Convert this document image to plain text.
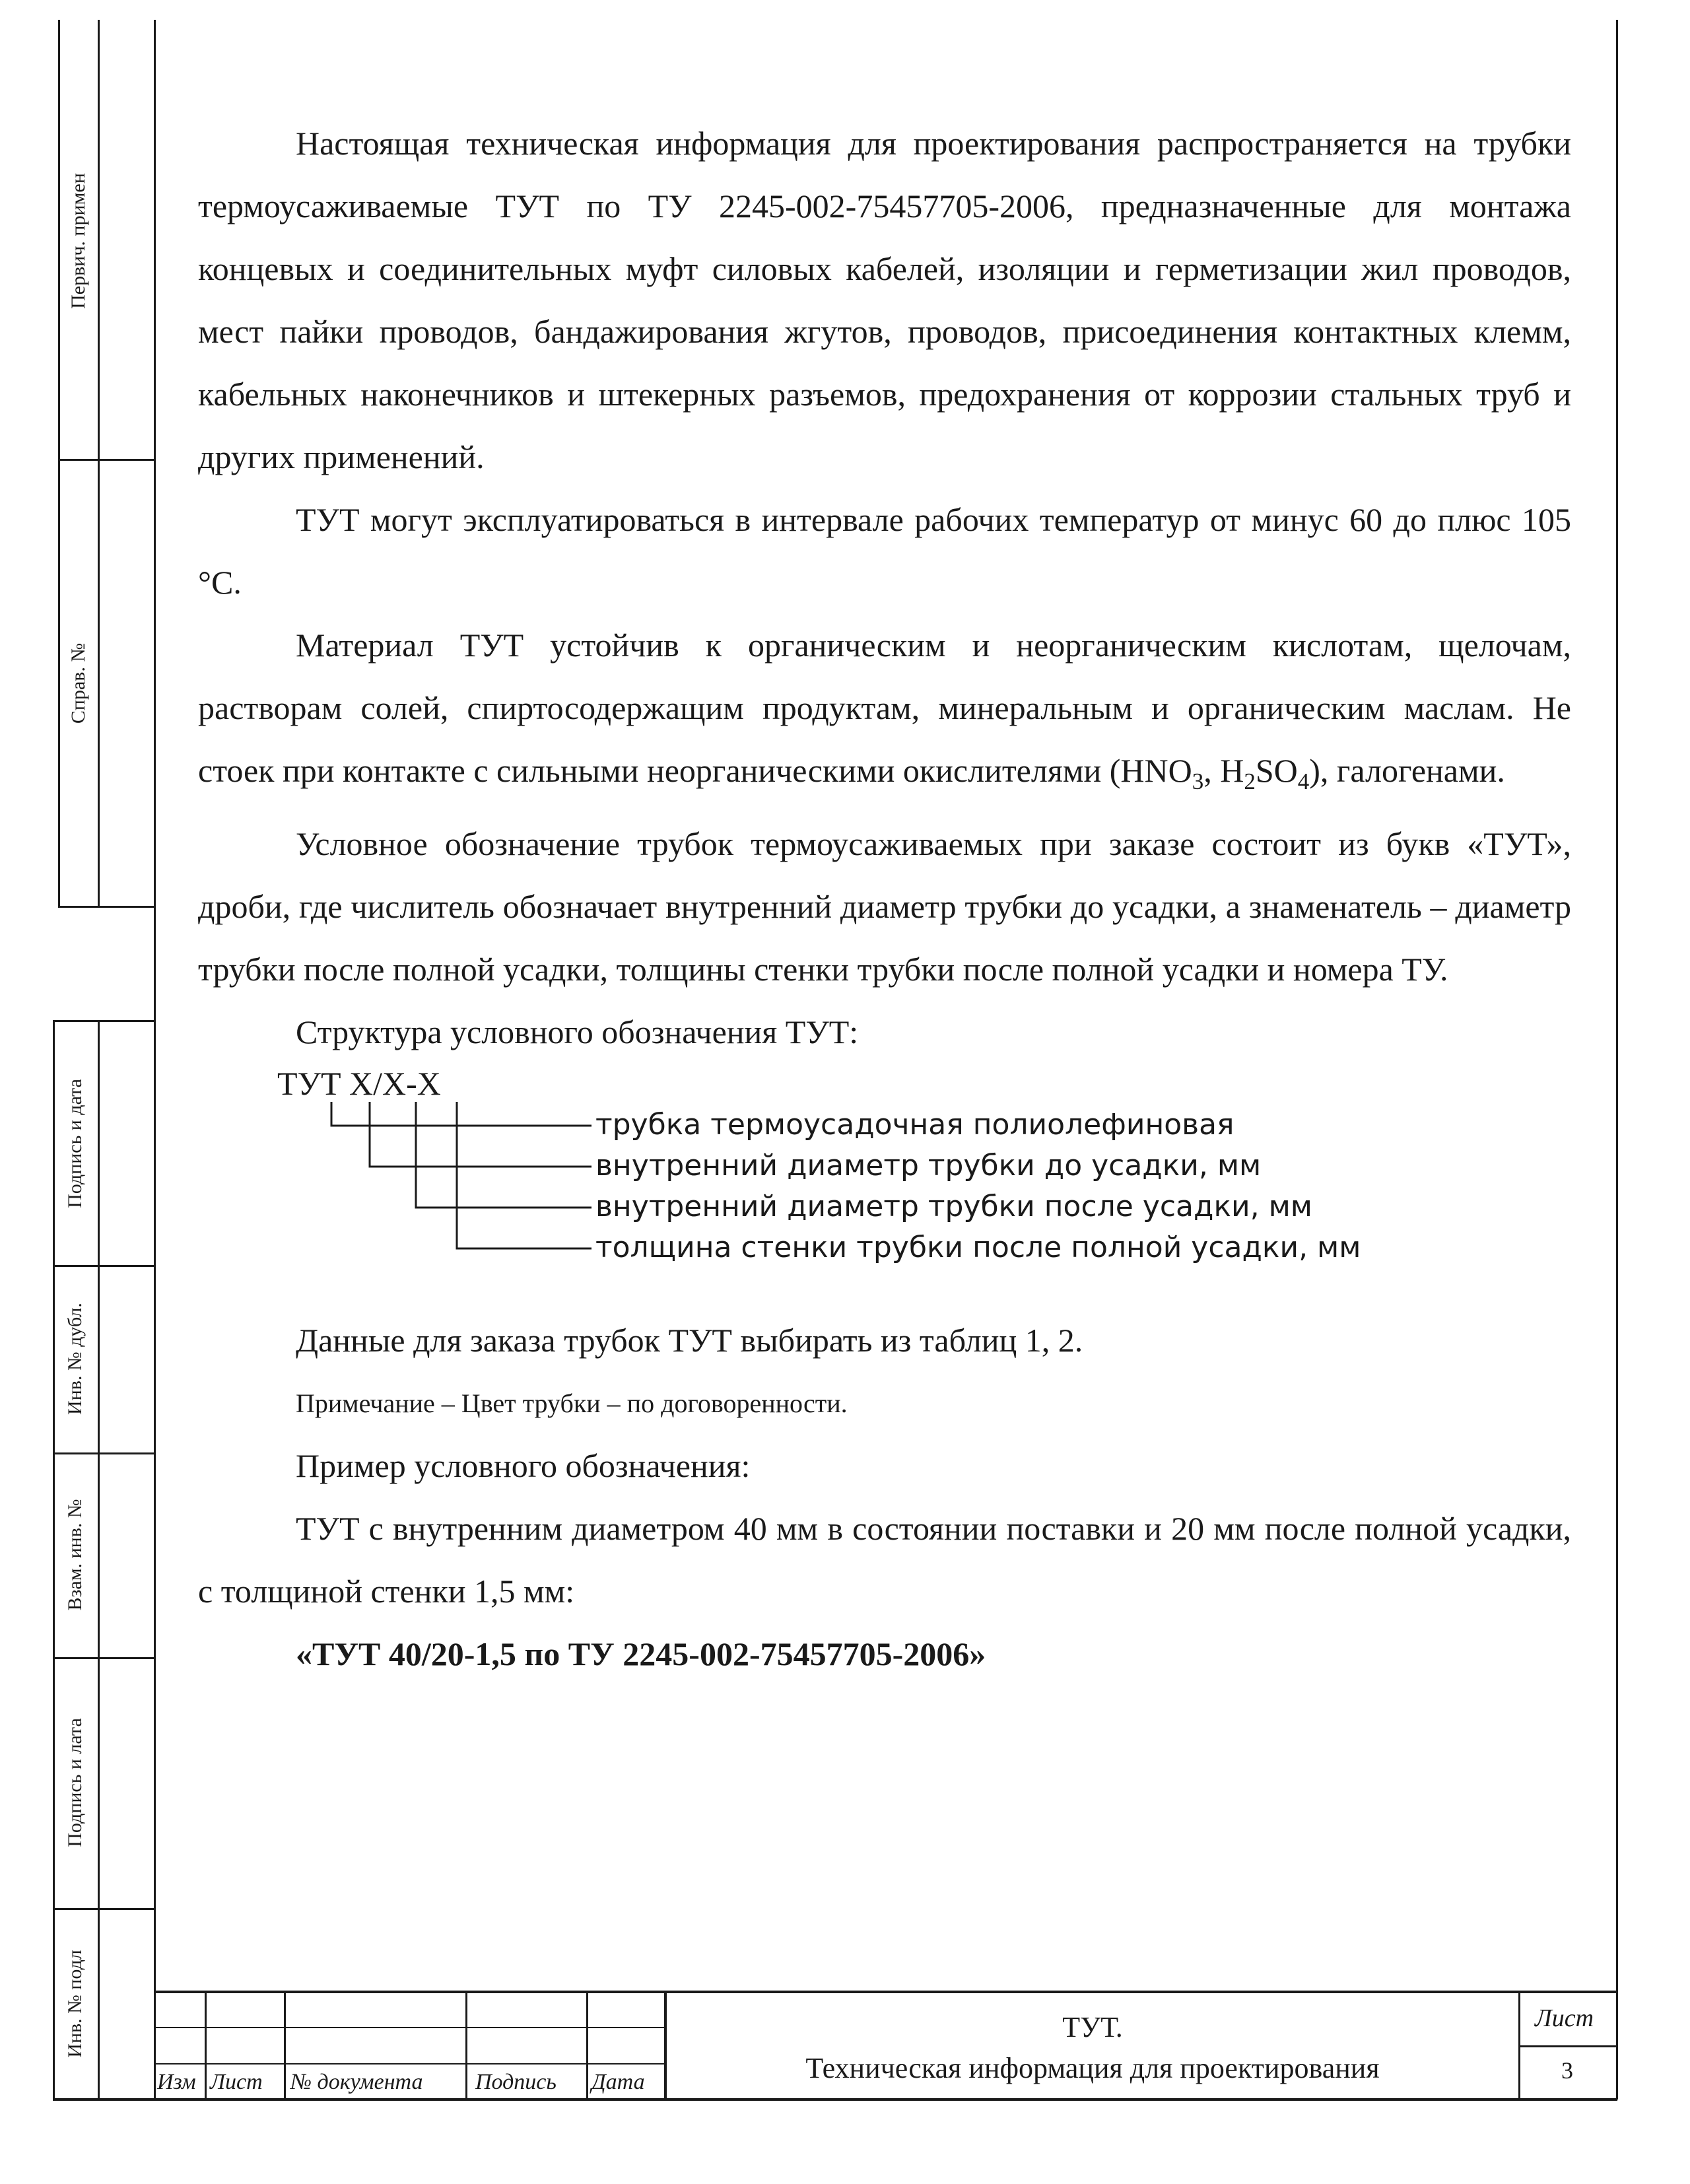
Первич. примен
Справ. №
Подпись и дата
Инв. № дубл.
Взам. инв. №
Подпись и лата
Инв. № подл

Настоящая техническая информация для проектирования распространяется на трубки термоусаживаемые ТУТ по ТУ 2245-002-75457705-2006, предназначенные для монтажа концевых и соединительных муфт силовых кабелей, изоляции и герметизации жил проводов, мест пайки проводов, бандажирования жгутов, проводов, присоединения контактных клемм, кабельных наконечников и штекерных разъемов, предохранения от коррозии стальных труб и других применений.

ТУТ могут эксплуатироваться в интервале рабочих температур от минус 60 до плюс 105 °С.

Материал ТУТ устойчив к органическим и неорганическим кислотам, щелочам, растворам солей, спиртосодержащим продуктам, минеральным и органическим маслам. Не стоек при контакте с сильными неорганическими окислителями ($HNO_3$, $H_2SO_4$), галогенами.

Условное обозначение трубок термоусаживаемых при заказе состоит из букв «ТУТ», дроби, где числитель обозначает внутренний диаметр трубки до усадки, а знаменатель – диаметр трубки после полной усадки, толщины стенки трубки после полной усадки и номера ТУ.

Структура условного обозначения ТУТ:

ТУТ Х/Х-Х
трубка термоусадочная полиолефиновая
внутренний диаметр трубки до усадки, мм
внутренний диаметр трубки после усадки, мм
толщина стенки трубки после полной усадки, мм

Данные для заказа трубок ТУТ выбирать из таблиц 1, 2.

Примечание – Цвет трубки – по договоренности.

Пример условного обозначения:

ТУТ с внутренним диаметром 40 мм в состоянии поставки и 20 мм после полной усадки, с толщиной стенки 1,5 мм:

«ТУТ 40/20-1,5 по ТУ 2245-002-75457705-2006»

Изм Лист № документа Подпись Дата
ТУТ.
Техническая информация для проектирования
Лист
3
